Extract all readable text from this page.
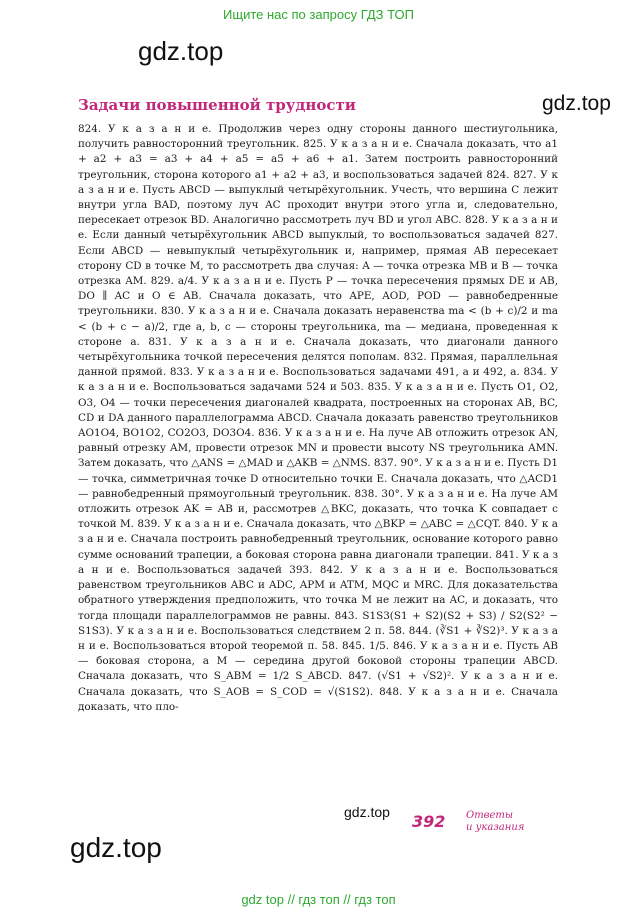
Ищите нас по запросу ГДЗ ТОП
gdz.top
gdz.top
Задачи повышенной трудности

824. У к а з а н и е. Продолжив через одну стороны данного шестиугольника, получить равносторонний треугольник. 825. У к а з а н и е. Сначала доказать, что a1 + a2 + a3 = a3 + a4 + a5 = a5 + a6 + a1. Затем построить равносторонний треугольник, сторона которого a1 + a2 + a3, и воспользоваться задачей 824. 827. У к а з а н и е. Пусть ABCD — выпуклый четырёхугольник. Учесть, что вершина C лежит внутри угла BAD, поэтому луч AC проходит внутри этого угла и, следовательно, пересекает отрезок BD. Аналогично рассмотреть луч BD и угол ABC. 828. У к а з а н и е. Если данный четырёхугольник ABCD выпуклый, то воспользоваться задачей 827. Если ABCD — невыпуклый четырёхугольник и, например, прямая AB пересекает сторону CD в точке M, то рассмотреть два случая: A — точка отрезка MB и B — точка отрезка AM. 829. a/4. У к а з а н и е. Пусть P — точка пересечения прямых DE и AB, DO ∥ AC и O ∈ AB. Сначала доказать, что APE, AOD, POD — равнобедренные треугольники. 830. У к а з а н и е. Сначала доказать неравенства ma < (b + c)/2 и ma < (b + c − a)/2, где a, b, c — стороны треугольника, ma — медиана, проведенная к стороне a. 831. У к а з а н и е. Сначала доказать, что диагонали данного четырёхугольника точкой пересечения делятся пополам. 832. Прямая, параллельная данной прямой. 833. У к а з а н и е. Воспользоваться задачами 491, а и 492, а. 834. У к а з а н и е. Воспользоваться задачами 524 и 503. 835. У к а з а н и е. Пусть O1, O2, O3, O4 — точки пересечения диагоналей квадрата, построенных на сторонах AB, BC, CD и DA данного параллелограмма ABCD. Сначала доказать равенство треугольников AO1O4, BO1O2, CO2O3, DO3O4. 836. У к а з а н и е. На луче AB отложить отрезок AN, равный отрезку AM, провести отрезок MN и провести высоту NS треугольника AMN. Затем доказать, что △ANS = △MAD и △AKB = △NMS. 837. 90°. У к а з а н и е. Пусть D1 — точка, симметричная точке D относительно точки E. Сначала доказать, что △ACD1 — равнобедренный прямоугольный треугольник. 838. 30°. У к а з а н и е. На луче AM отложить отрезок AK = AB и, рассмотрев △BKC, доказать, что точка K совпадает с точкой M. 839. У к а з а н и е. Сначала доказать, что △BKP = △ABC = △CQT. 840. У к а з а н и е. Сначала построить равнобедренный треугольник, основание которого равно сумме оснований трапеции, а боковая сторона равна диагонали трапеции. 841. У к а з а н и е. Воспользоваться задачей 393. 842. У к а з а н и е. Воспользоваться равенством треугольников ABC и ADC, APM и ATM, MQC и MRC. Для доказательства обратного утверждения предположить, что точка M не лежит на AC, и доказать, что тогда площади параллелограммов не равны. 843. S1S3(S1 + S2)(S2 + S3) / S2(S2² − S1S3). У к а з а н и е. Воспользоваться следствием 2 п. 58. 844. (∛S1 + ∛S2)³. У к а з а н и е. Воспользоваться второй теоремой п. 58. 845. 1/5. 846. У к а з а н и е. Пусть AB — боковая сторона, а M — середина другой боковой стороны трапеции ABCD. Сначала доказать, что S_ABM = 1/2 S_ABCD. 847. (√S1 + √S2)². У к а з а н и е. Сначала доказать, что S_AOB = S_COD = √(S1S2). 848. У к а з а н и е. Сначала доказать, что пло-

gdz.top 392 Ответы
и указания
gdz.top
gdz top // гдз топ // гдз топ
